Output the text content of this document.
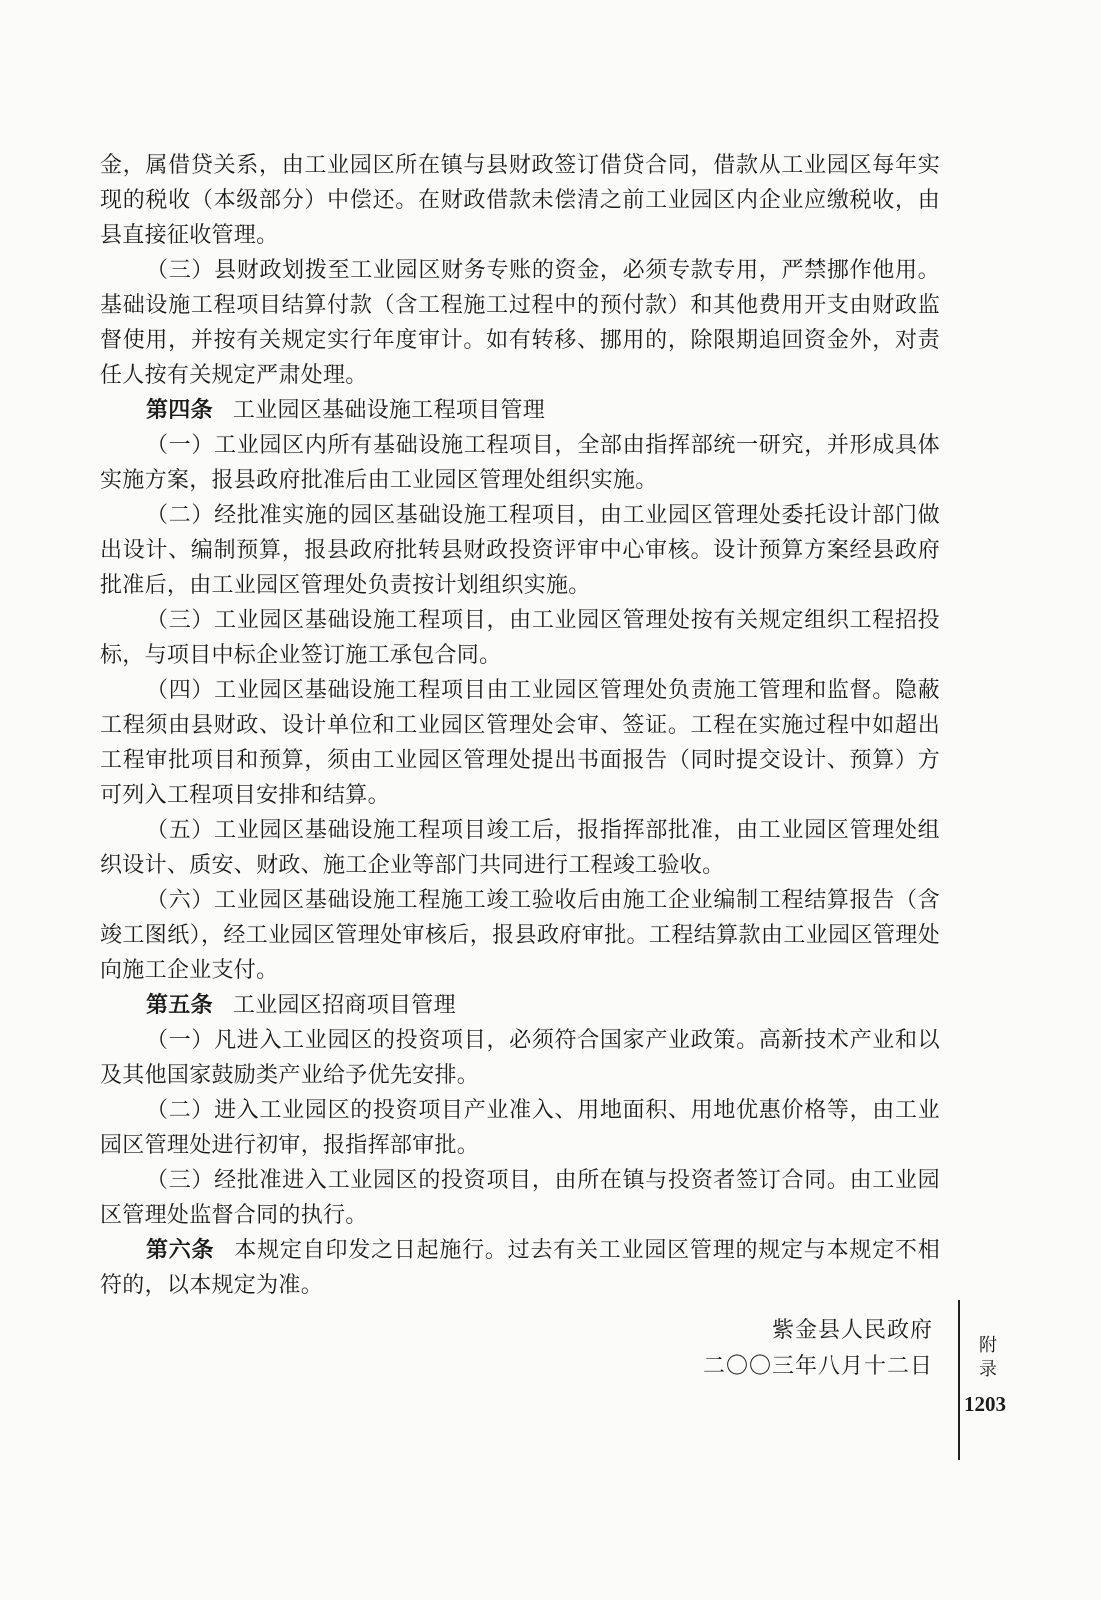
金，属借贷关系，由工业园区所在镇与县财政签订借贷合同，借款从工业园区每年实现的税收（本级部分）中偿还。在财政借款未偿清之前工业园区内企业应缴税收，由县直接征收管理。

（三）县财政划拨至工业园区财务专账的资金，必须专款专用，严禁挪作他用。基础设施工程项目结算付款（含工程施工过程中的预付款）和其他费用开支由财政监督使用，并按有关规定实行年度审计。如有转移、挪用的，除限期追回资金外，对责任人按有关规定严肃处理。

第四条 工业园区基础设施工程项目管理

（一）工业园区内所有基础设施工程项目，全部由指挥部统一研究，并形成具体实施方案，报县政府批准后由工业园区管理处组织实施。

（二）经批准实施的园区基础设施工程项目，由工业园区管理处委托设计部门做出设计、编制预算，报县政府批转县财政投资评审中心审核。设计预算方案经县政府批准后，由工业园区管理处负责按计划组织实施。

（三）工业园区基础设施工程项目，由工业园区管理处按有关规定组织工程招投标，与项目中标企业签订施工承包合同。

（四）工业园区基础设施工程项目由工业园区管理处负责施工管理和监督。隐蔽工程须由县财政、设计单位和工业园区管理处会审、签证。工程在实施过程中如超出工程审批项目和预算，须由工业园区管理处提出书面报告（同时提交设计、预算）方可列入工程项目安排和结算。

（五）工业园区基础设施工程项目竣工后，报指挥部批准，由工业园区管理处组织设计、质安、财政、施工企业等部门共同进行工程竣工验收。

（六）工业园区基础设施工程施工竣工验收后由施工企业编制工程结算报告（含竣工图纸），经工业园区管理处审核后，报县政府审批。工程结算款由工业园区管理处向施工企业支付。

第五条 工业园区招商项目管理

（一）凡进入工业园区的投资项目，必须符合国家产业政策。高新技术产业和以及其他国家鼓励类产业给予优先安排。

（二）进入工业园区的投资项目产业准入、用地面积、用地优惠价格等，由工业园区管理处进行初审，报指挥部审批。

（三）经批准进入工业园区的投资项目，由所在镇与投资者签订合同。由工业园区管理处监督合同的执行。

第六条 本规定自印发之日起施行。过去有关工业园区管理的规定与本规定不相符的，以本规定为准。

紫金县人民政府
二〇〇三年八月十二日
附录
1203
